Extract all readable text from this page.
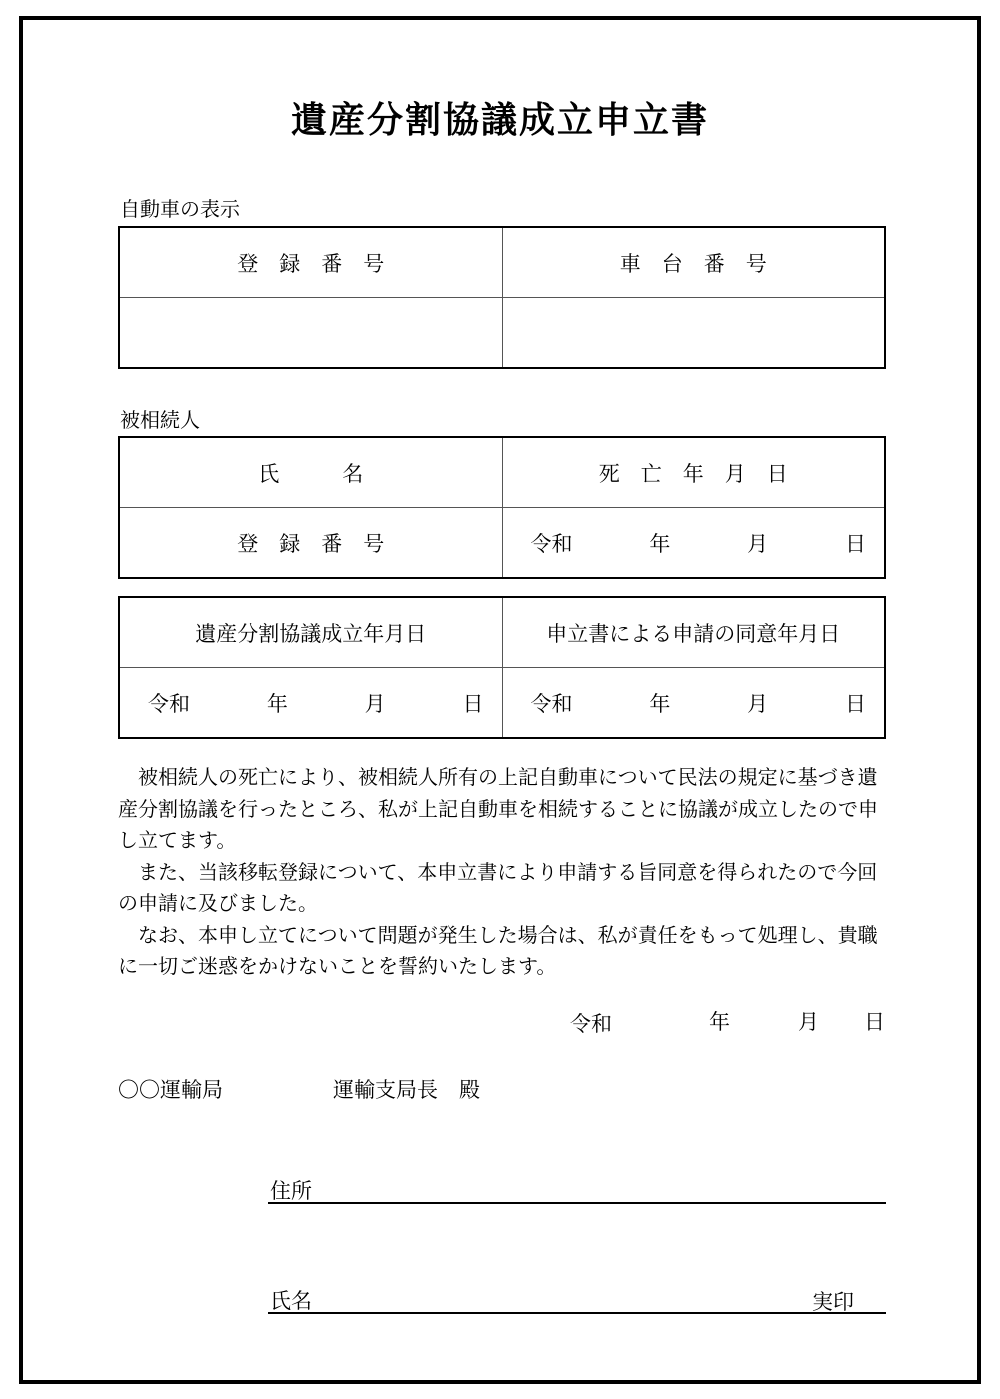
遺産分割協議成立申立書
自動車の表示
登　録　番　号	車　台　番　号

被相続人
氏　　　名	死　亡　年　月　日
登　録　番　号	令和 年 月 日
遺産分割協議成立年月日	申立書による申請の同意年月日

令和 年 月 日	令和 年 月 日

　被相続人の死亡により、被相続人所有の上記自動車について民法の規定に基づき遺産分割協議を行ったところ、私が上記自動車を相続することに協議が成立したので申し立てます。

　また、当該移転登録について、本申立書により申請する旨同意を得られたので今回の申請に及びました。

　なお、本申し立てについて問題が発生した場合は、私が責任をもって処理し、貴職に一切ご迷惑をかけないことを誓約いたします。

令和	年	月 日
〇〇運輸局	運輸支局長　殿
住所
氏名	実印
